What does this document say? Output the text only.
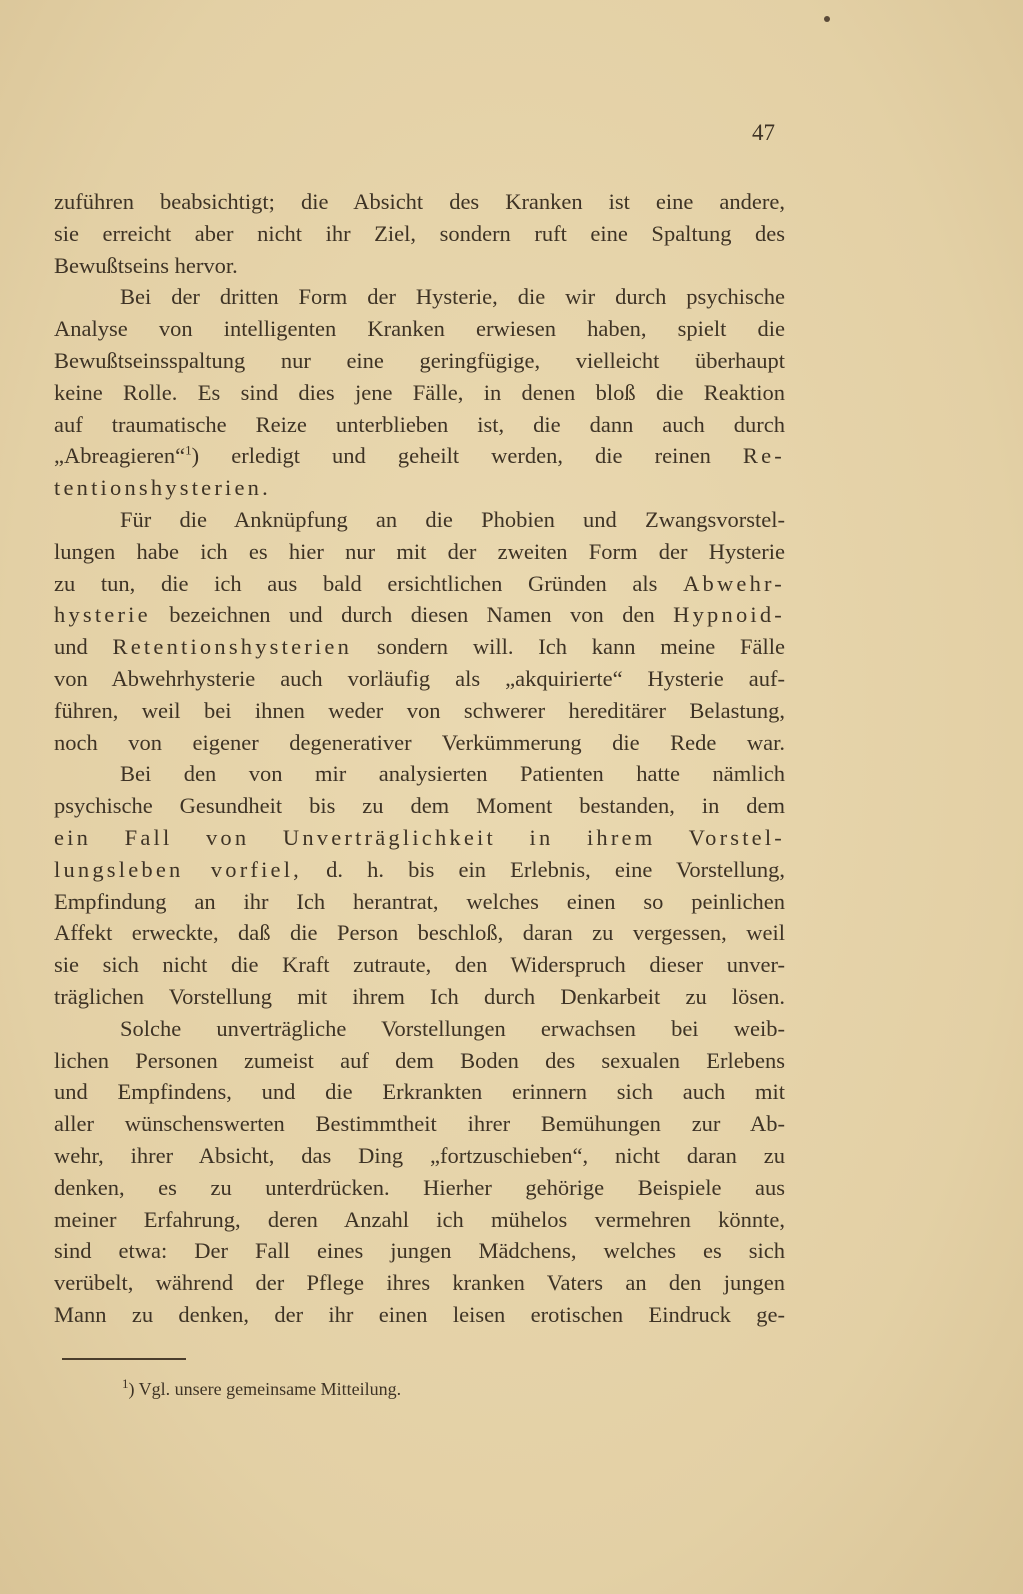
47
zuführen beabsichtigt; die Absicht des Kranken ist eine andere,
sie erreicht aber nicht ihr Ziel, sondern ruft eine Spaltung des
Bewußtseins hervor.
Bei der dritten Form der Hysterie, die wir durch psychische
Analyse von intelligenten Kranken erwiesen haben, spielt die
Bewußtseinsspaltung nur eine geringfügige, vielleicht überhaupt
keine Rolle. Es sind dies jene Fälle, in denen bloß die Reaktion
auf traumatische Reize unterblieben ist, die dann auch durch
„Abreagieren“$^1$) erledigt und geheilt werden, die reinen Re-
tentionshysterien.
Für die Anknüpfung an die Phobien und Zwangsvorstel-
lungen habe ich es hier nur mit der zweiten Form der Hysterie
zu tun, die ich aus bald ersichtlichen Gründen als Abwehr-
hysterie bezeichnen und durch diesen Namen von den Hypnoid-
und Retentionshysterien sondern will. Ich kann meine Fälle
von Abwehrhysterie auch vorläufig als „akquirierte“ Hysterie auf-
führen, weil bei ihnen weder von schwerer hereditärer Belastung,
noch von eigener degenerativer Verkümmerung die Rede war.
Bei den von mir analysierten Patienten hatte nämlich
psychische Gesundheit bis zu dem Moment bestanden, in dem
ein Fall von Unverträglichkeit in ihrem Vorstel-
lungsleben vorfiel, d. h. bis ein Erlebnis, eine Vorstellung,
Empfindung an ihr Ich herantrat, welches einen so peinlichen
Affekt erweckte, daß die Person beschloß, daran zu vergessen, weil
sie sich nicht die Kraft zutraute, den Widerspruch dieser unver-
träglichen Vorstellung mit ihrem Ich durch Denkarbeit zu lösen.
Solche unverträgliche Vorstellungen erwachsen bei weib-
lichen Personen zumeist auf dem Boden des sexualen Erlebens
und Empfindens, und die Erkrankten erinnern sich auch mit
aller wünschenswerten Bestimmtheit ihrer Bemühungen zur Ab-
wehr, ihrer Absicht, das Ding „fortzuschieben“, nicht daran zu
denken, es zu unterdrücken. Hierher gehörige Beispiele aus
meiner Erfahrung, deren Anzahl ich mühelos vermehren könnte,
sind etwa: Der Fall eines jungen Mädchens, welches es sich
verübelt, während der Pflege ihres kranken Vaters an den jungen
Mann zu denken, der ihr einen leisen erotischen Eindruck ge-
$^1$) Vgl. unsere gemeinsame Mitteilung.
